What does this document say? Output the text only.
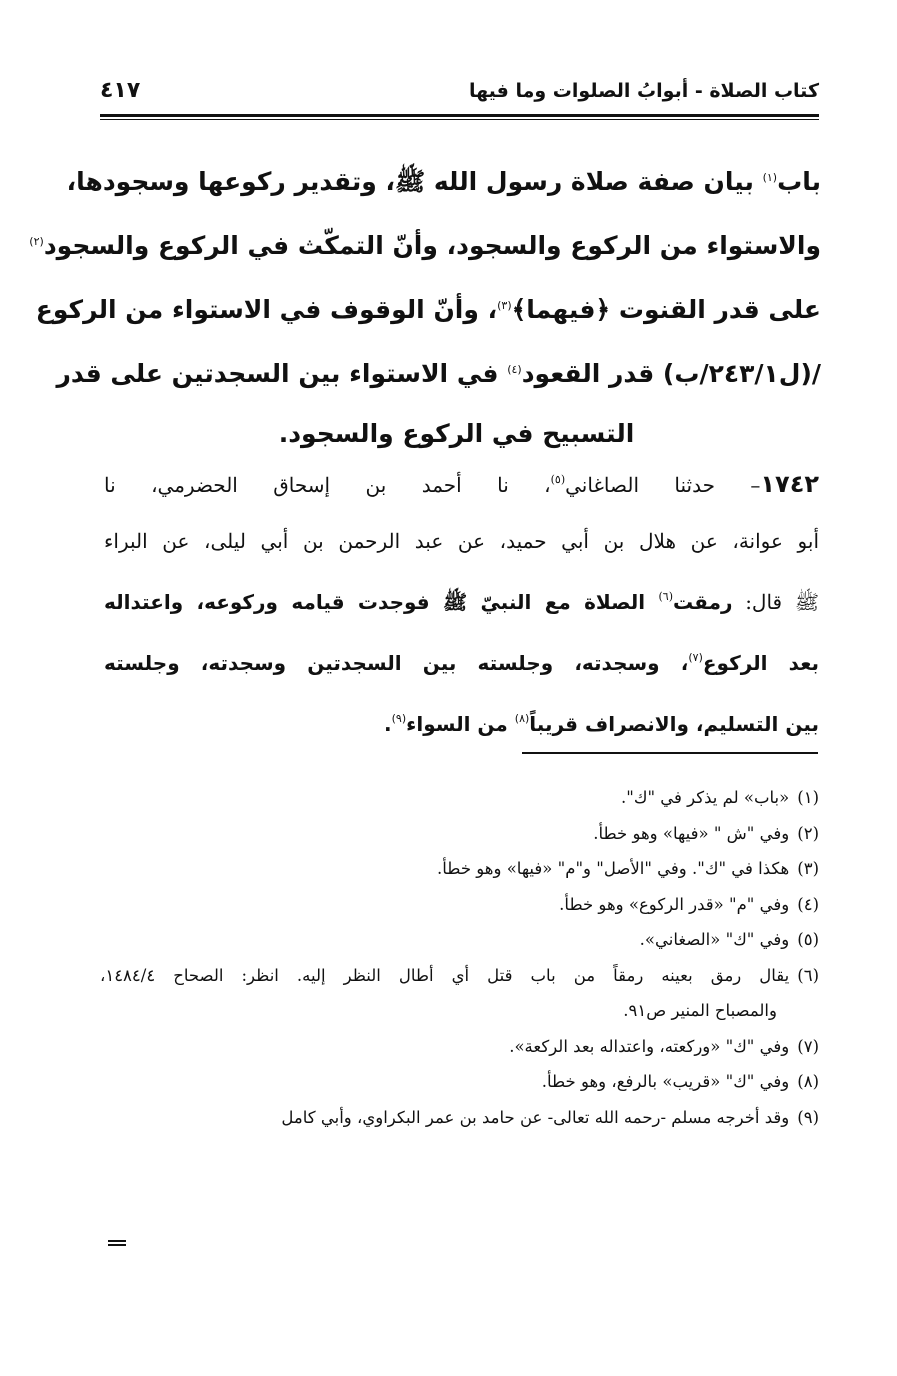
كتاب الصلاة - أبوابُ الصلوات وما فيها
٤١٧
باب$^{(١)}$ بيان صفة صلاة رسول الله ﷺ، وتقدير ركوعها وسجودها،
والاستواء من الركوع والسجود، وأنّ التمكّث في الركوع والسجود$^{(٢)}$
على قدر القنوت ﴿فيهما﴾$^{(٣)}$، وأنّ الوقوف في الاستواء من الركوع
/(ل٢٤٣/١/ب) قدر القعود$^{(٤)}$ في الاستواء بين السجدتين على قدر
التسبيح في الركوع والسجود.
١٧٤٢– حدثنا الصاغاني$^{(٥)}$، نا أحمد بن إسحاق الحضرمي، نا
أبو عوانة، عن هلال بن أبي حميد، عن عبد الرحمن بن أبي ليلى، عن البراء
ﷺ قال: رمقت$^{(٦)}$ الصلاة مع النبيّ ﷺ فوجدت قيامه وركوعه، واعتداله
بعد الركوع$^{(٧)}$، وسجدته، وجلسته بين السجدتين وسجدته، وجلسته
بين التسليم، والانصراف قريباً$^{(٨)}$ من السواء$^{(٩)}$.
(١)«باب» لم يذكر في "ك".
(٢)وفي "ش " «فيها» وهو خطأ.
(٣)هكذا في "ك". وفي "الأصل" و"م" «فيها» وهو خطأ.
(٤)وفي "م" «قدر الركوع» وهو خطأ.
(٥)وفي "ك" «الصغاني».
(٦)يقال رمق بعينه رمقاً من باب قتل أي أطال النظر إليه. انظر: الصحاح ١٤٨٤/٤،
والمصباح المنير ص٩١.
(٧)وفي "ك" «وركعته، واعتداله بعد الركعة».
(٨)وفي "ك" «قريب» بالرفع، وهو خطأ.
(٩)وقد أخرجه مسلم -رحمه الله تعالى- عن حامد بن عمر البكراوي، وأبي كامل
